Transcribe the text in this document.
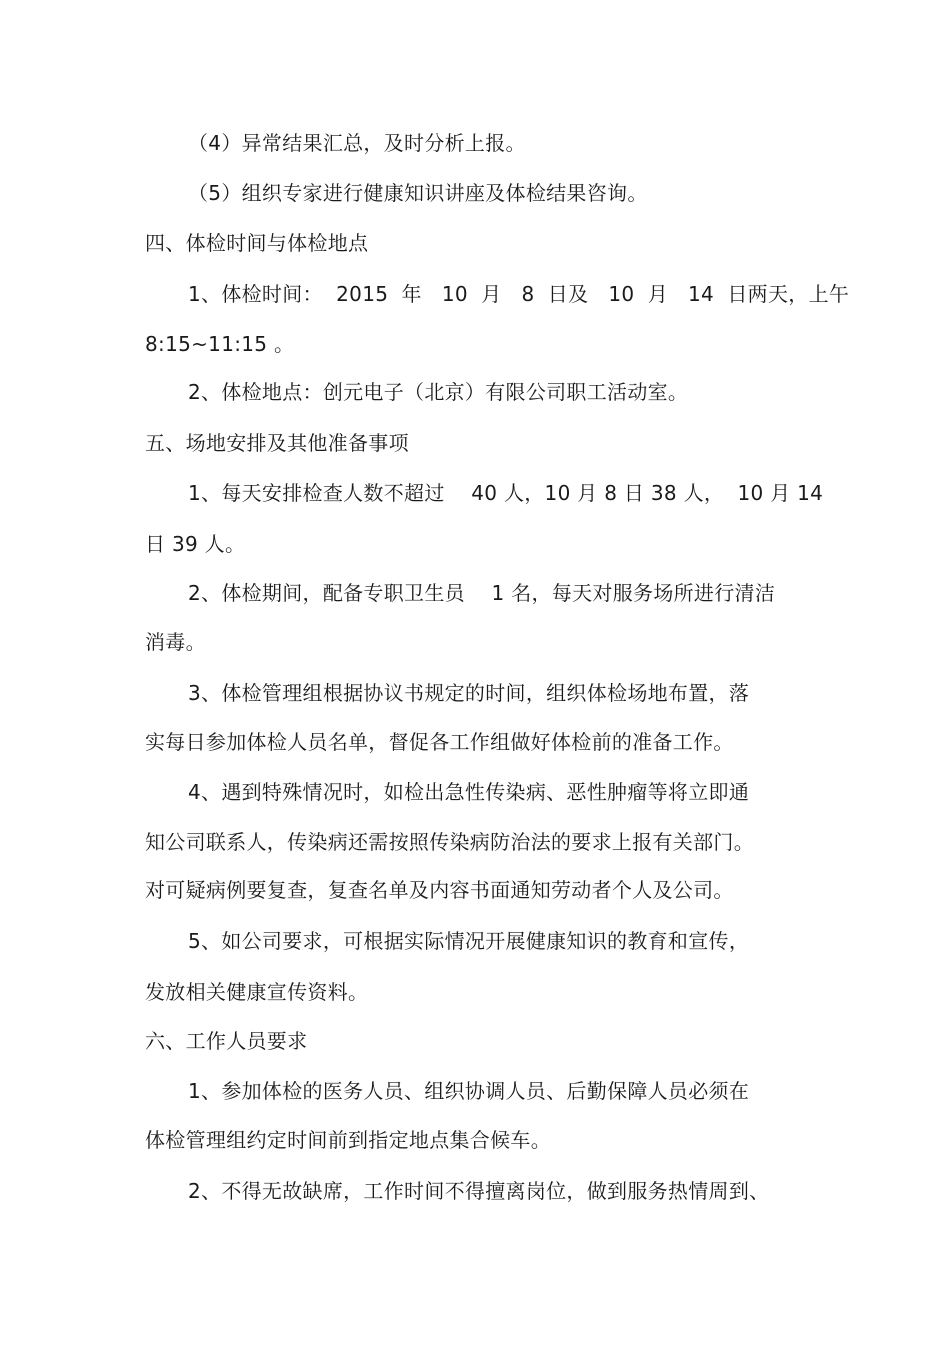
（4）异常结果汇总，及时分析上报。
（5）组织专家进行健康知识讲座及体检结果咨询。
四、体检时间与体检地点
1、体检时间：  2015  年   10  月   8  日及   10  月   14  日两天，上午
8:15~11:15 。
2、体检地点：创元电子（北京）有限公司职工活动室。
五、场地安排及其他准备事项
1、每天安排检查人数不超过    40 人，10 月 8 日 38 人，  10 月 14
日 39 人。
2、体检期间，配备专职卫生员    1 名，每天对服务场所进行清洁
消毒。
3、体检管理组根据协议书规定的时间，组织体检场地布置，落
实每日参加体检人员名单，督促各工作组做好体检前的准备工作。
4、遇到特殊情况时，如检出急性传染病、恶性肿瘤等将立即通
知公司联系人，传染病还需按照传染病防治法的要求上报有关部门。
对可疑病例要复查，复查名单及内容书面通知劳动者个人及公司。
5、如公司要求，可根据实际情况开展健康知识的教育和宣传，
发放相关健康宣传资料。
六、工作人员要求
1、参加体检的医务人员、组织协调人员、后勤保障人员必须在
体检管理组约定时间前到指定地点集合候车。
2、不得无故缺席，工作时间不得擅离岗位，做到服务热情周到、
